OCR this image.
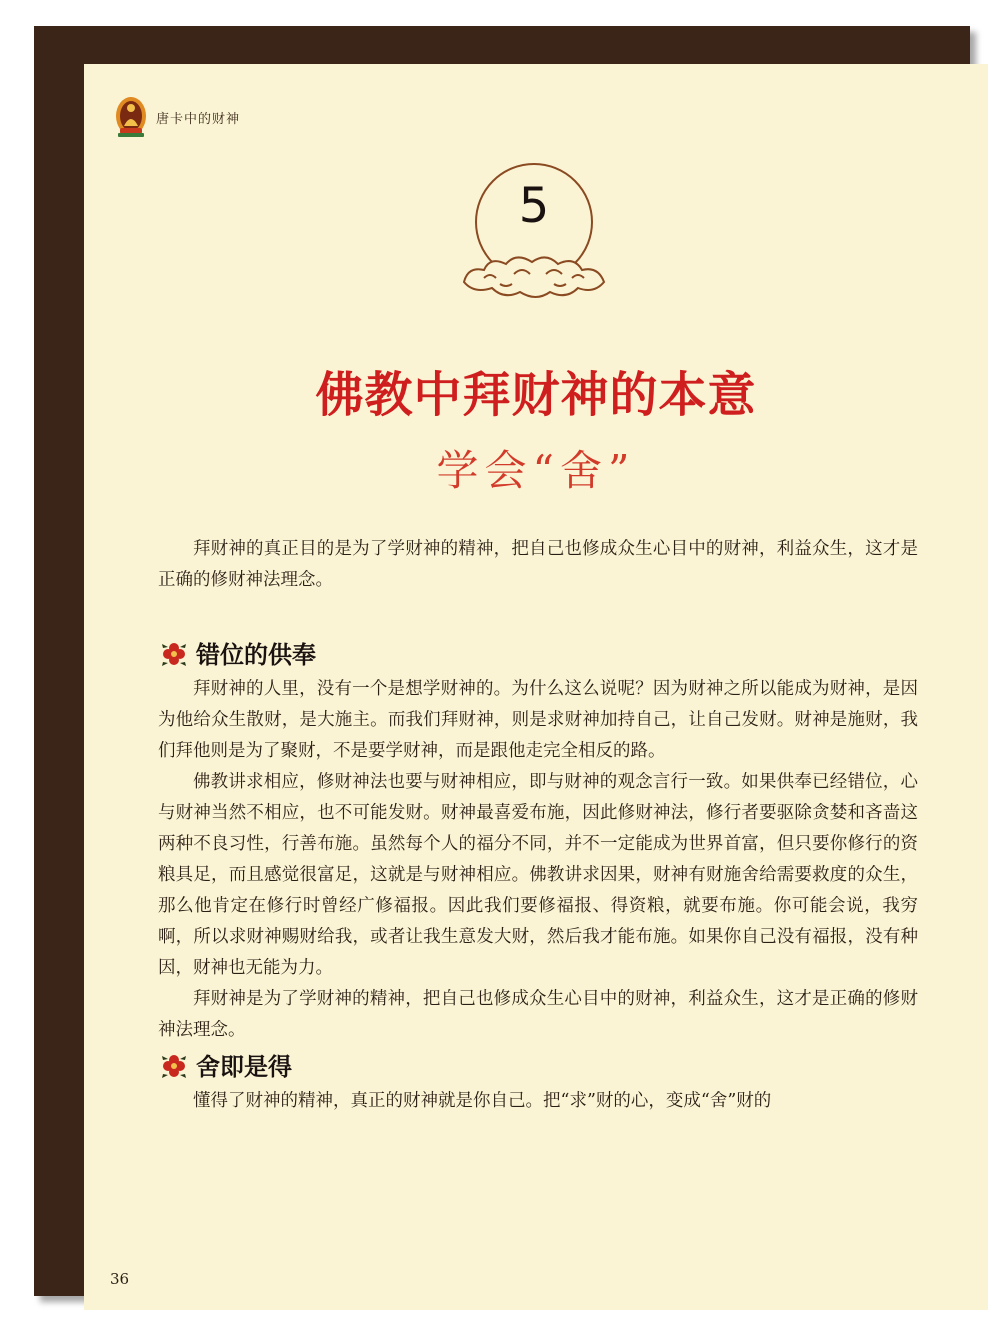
唐卡中的财神
5
佛教中拜财神的本意
学会“舍”

拜财神的真正目的是为了学财神的精神，把自己也修成众生心目中的财神，利益众生，这才是正确的修财神法理念。

错位的供奉

拜财神的人里，没有一个是想学财神的。为什么这么说呢？因为财神之所以能成为财神，是因为他给众生散财，是大施主。而我们拜财神，则是求财神加持自己，让自己发财。财神是施财，我们拜他则是为了聚财，不是要学财神，而是跟他走完全相反的路。

佛教讲求相应，修财神法也要与财神相应，即与财神的观念言行一致。如果供奉已经错位，心与财神当然不相应，也不可能发财。财神最喜爱布施，因此修财神法，修行者要驱除贪婪和吝啬这两种不良习性，行善布施。虽然每个人的福分不同，并不一定能成为世界首富，但只要你修行的资粮具足，而且感觉很富足，这就是与财神相应。佛教讲求因果，财神有财施舍给需要救度的众生，那么他肯定在修行时曾经广修福报。因此我们要修福报、得资粮，就要布施。你可能会说，我穷啊，所以求财神赐财给我，或者让我生意发大财，然后我才能布施。如果你自己没有福报，没有种因，财神也无能为力。

拜财神是为了学财神的精神，把自己也修成众生心目中的财神，利益众生，这才是正确的修财神法理念。

舍即是得

懂得了财神的精神，真正的财神就是你自己。把“求”财的心，变成“舍”财的

36
